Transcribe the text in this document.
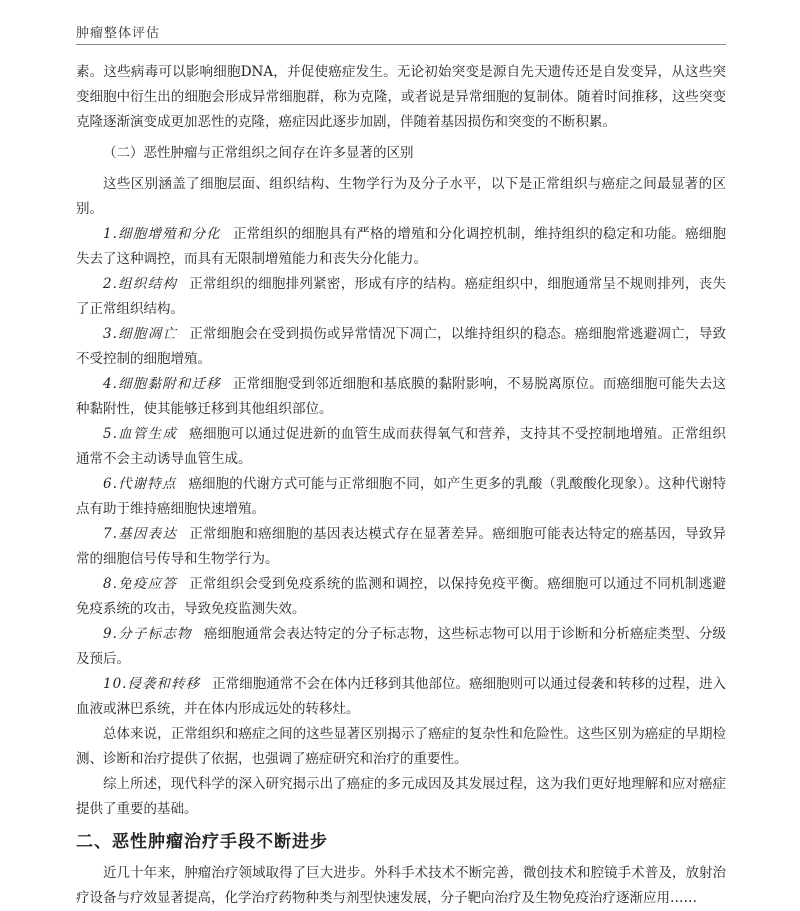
肿瘤整体评估

素。这些病毒可以影响细胞DNA，并促使癌症发生。无论初始突变是源自先天遗传还是自发变异，从这些突变细胞中衍生出的细胞会形成异常细胞群，称为克隆，或者说是异常细胞的复制体。随着时间推移，这些突变克隆逐渐演变成更加恶性的克隆，癌症因此逐步加剧，伴随着基因损伤和突变的不断积累。

（二）恶性肿瘤与正常组织之间存在许多显著的区别

这些区别涵盖了细胞层面、组织结构、生物学行为及分子水平，以下是正常组织与癌症之间最显著的区别。

1.细胞增殖和分化 正常组织的细胞具有严格的增殖和分化调控机制，维持组织的稳定和功能。癌细胞失去了这种调控，而具有无限制增殖能力和丧失分化能力。

2.组织结构 正常组织的细胞排列紧密，形成有序的结构。癌症组织中，细胞通常呈不规则排列，丧失了正常组织结构。

3.细胞凋亡 正常细胞会在受到损伤或异常情况下凋亡，以维持组织的稳态。癌细胞常逃避凋亡，导致不受控制的细胞增殖。

4.细胞黏附和迁移 正常细胞受到邻近细胞和基底膜的黏附影响，不易脱离原位。而癌细胞可能失去这种黏附性，使其能够迁移到其他组织部位。

5.血管生成 癌细胞可以通过促进新的血管生成而获得氧气和营养，支持其不受控制地增殖。正常组织通常不会主动诱导血管生成。

6.代谢特点 癌细胞的代谢方式可能与正常细胞不同，如产生更多的乳酸（乳酸酸化现象）。这种代谢特点有助于维持癌细胞快速增殖。

7.基因表达 正常细胞和癌细胞的基因表达模式存在显著差异。癌细胞可能表达特定的癌基因，导致异常的细胞信号传导和生物学行为。

8.免疫应答 正常组织会受到免疫系统的监测和调控，以保持免疫平衡。癌细胞可以通过不同机制逃避免疫系统的攻击，导致免疫监测失效。

9.分子标志物 癌细胞通常会表达特定的分子标志物，这些标志物可以用于诊断和分析癌症类型、分级及预后。

10.侵袭和转移 正常细胞通常不会在体内迁移到其他部位。癌细胞则可以通过侵袭和转移的过程，进入血液或淋巴系统，并在体内形成远处的转移灶。

总体来说，正常组织和癌症之间的这些显著区别揭示了癌症的复杂性和危险性。这些区别为癌症的早期检测、诊断和治疗提供了依据，也强调了癌症研究和治疗的重要性。

综上所述，现代科学的深入研究揭示出了癌症的多元成因及其发展过程，这为我们更好地理解和应对癌症提供了重要的基础。

二、恶性肿瘤治疗手段不断进步

近几十年来，肿瘤治疗领域取得了巨大进步。外科手术技术不断完善，微创技术和腔镜手术普及，放射治疗设备与疗效显著提高，化学治疗药物种类与剂型快速发展，分子靶向治疗及生物免疫治疗逐渐应用……
